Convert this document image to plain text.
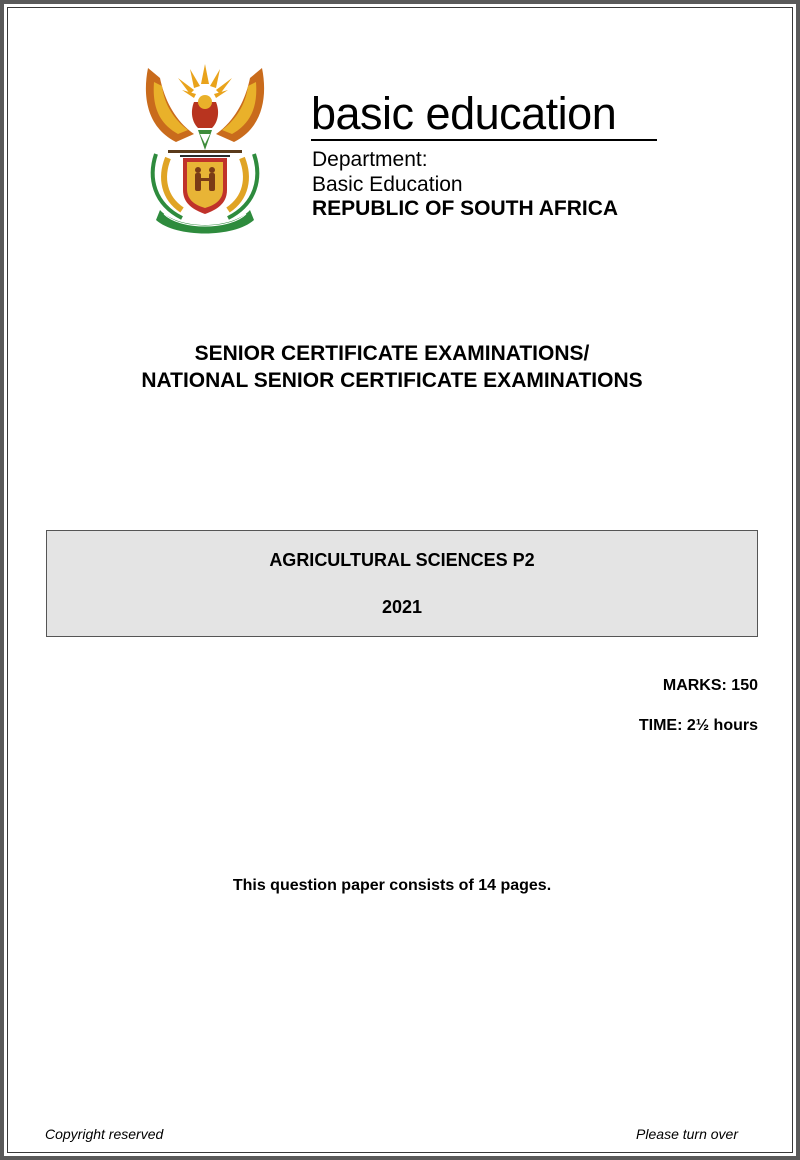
basic education
Department:
Basic Education
REPUBLIC OF SOUTH AFRICA
SENIOR CERTIFICATE EXAMINATIONS/
NATIONAL SENIOR CERTIFICATE EXAMINATIONS
AGRICULTURAL SCIENCES P2
2021
MARKS: 150
TIME: 2½ hours
This question paper consists of 14 pages.
Copyright reserved	Please turn over
